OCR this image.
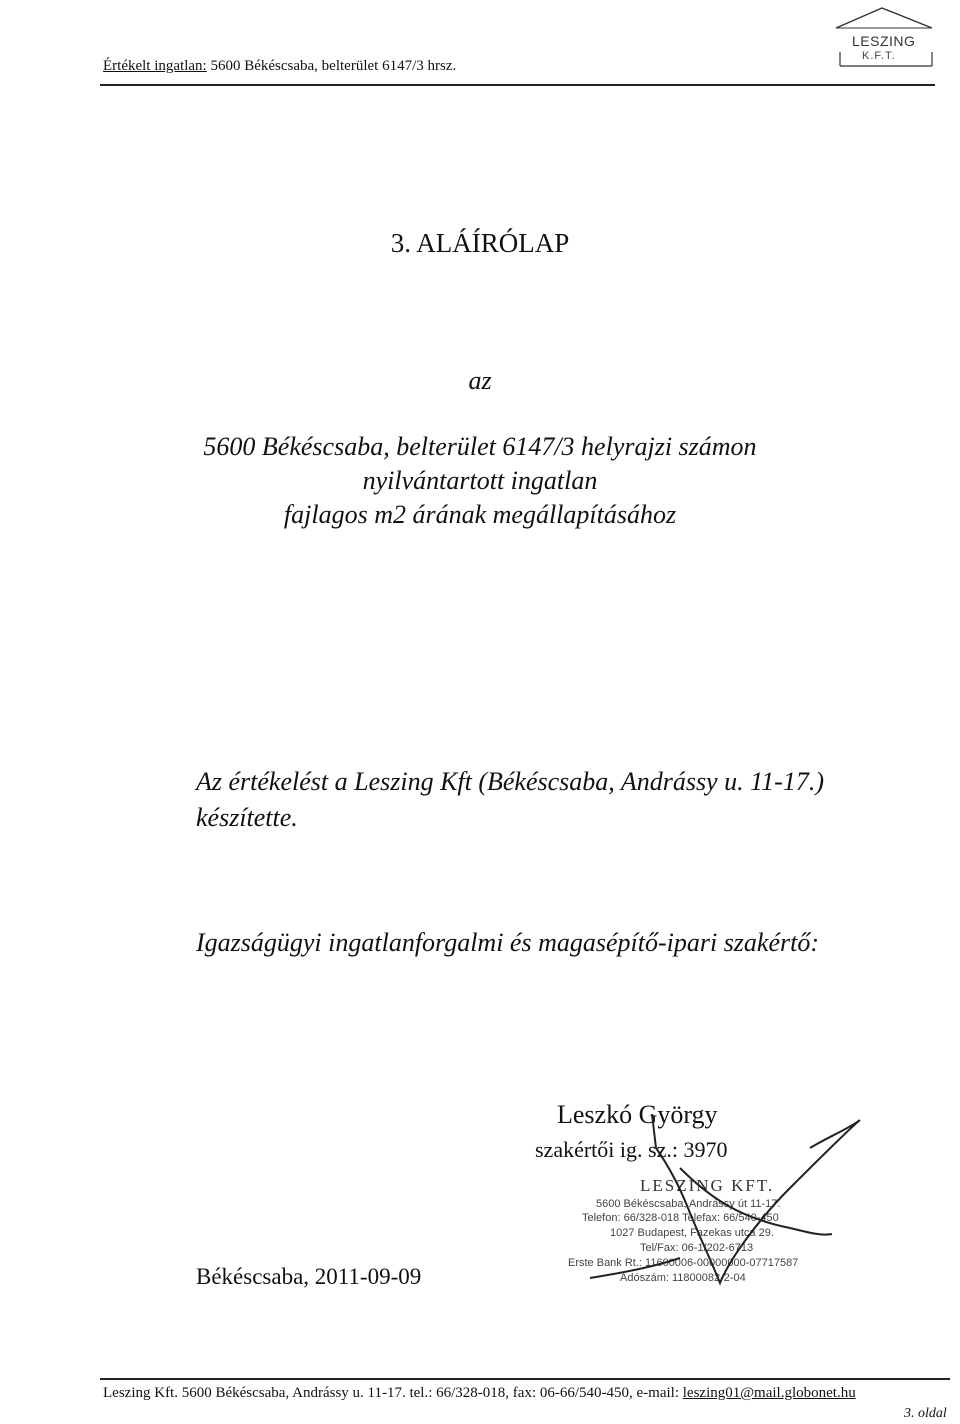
Értékelt ingatlan: 5600 Békéscsaba, belterület 6147/3 hrsz.
LESZING
K.F.T.
3. ALÁÍRÓLAP
az
5600 Békéscsaba, belterület 6147/3 helyrajzi számon
nyilvántartott ingatlan
fajlagos m2 árának megállapításához
Az értékelést a Leszing Kft (Békéscsaba, Andrássy u. 11-17.)
készítette.
Igazságügyi ingatlanforgalmi és magasépítő-ipari szakértő:
LESZING KFT.
5600 Békéscsaba, Andrássy út 11-17.
Telefon: 66/328-018 Telefax: 66/540-450
1027 Budapest, Fazekas utca 29.
Tel/Fax: 06-1/202-6713
Erste Bank Rt.: 11600006-00000000-07717587
Adószám: 11800082-2-04
Leszkó György
szakértői ig. sz.: 3970
Békéscsaba, 2011-09-09
Leszing Kft. 5600 Békéscsaba, Andrássy u. 11-17. tel.: 66/328-018, fax: 06-66/540-450, e-mail: leszing01@mail.globonet.hu
3. oldal
